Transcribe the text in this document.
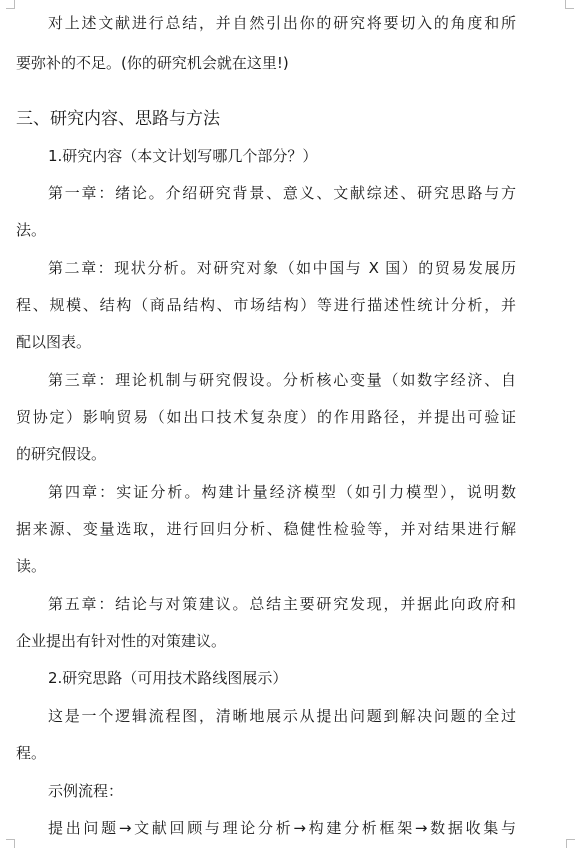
对上述文献进行总结，并自然引出你的研究将要切入的角度和所
要弥补的不足。(你的研究机会就在这里!)
三、研究内容、思路与方法
1.研究内容（本文计划写哪几个部分？）
第一章：绪论。介绍研究背景、意义、文献综述、研究思路与方
法。
第二章：现状分析。对研究对象（如中国与 X 国）的贸易发展历
程、规模、结构（商品结构、市场结构）等进行描述性统计分析，并
配以图表。
第三章：理论机制与研究假设。分析核心变量（如数字经济、自
贸协定）影响贸易（如出口技术复杂度）的作用路径，并提出可验证
的研究假设。
第四章：实证分析。构建计量经济模型（如引力模型），说明数
据来源、变量选取，进行回归分析、稳健性检验等，并对结果进行解
读。
第五章：结论与对策建议。总结主要研究发现，并据此向政府和
企业提出有针对性的对策建议。
2.研究思路（可用技术路线图展示）
这是一个逻辑流程图，清晰地展示从提出问题到解决问题的全过
程。
示例流程：
提出问题→文献回顾与理论分析→构建分析框架→数据收集与
